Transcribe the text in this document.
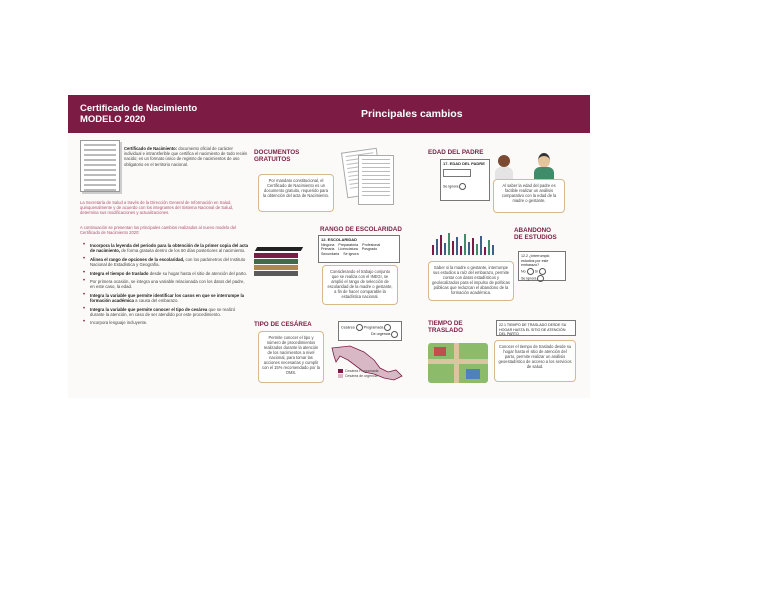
Certificado de Nacimiento
MODELO 2020	Principales cambios
Certificado de Nacimiento: documento oficial de carácter individual e intransferible que certifica el nacimiento de todo recién nacido; es un formato único de registro de nacimientos de uso obligatorio en el territorio nacional.
La Secretaría de Salud a través de la Dirección General de Información en Salud, quinquenalmente y de acuerdo con los integrantes del Sistema Nacional de Salud, determina sus modificaciones y actualizaciones.
A continuación se presentan los principales cambios realizados al nuevo modelo del Certificado de Nacimiento 2020:
• Incorpora la leyenda del periodo para la obtención de la primer copia del acta de nacimiento, de forma gratuita dentro de los 60 días posteriores al nacimiento.
• Alinea el rango de opciones de la escolaridad, con los parámetros del Instituto Nacional de Estadística y Geografía.
• Integra el tiempo de traslado desde su hogar hasta el sitio de atención del parto.
• Por primera ocasión, se integra una variable relacionada con los datos del padre, en este caso, la edad.
• Integra la variable que permite identificar los casos en que se interrumpe la formación académica a causa del embarazo.
• Integra la variable que permite conocer el tipo de cesárea que se realizó durante la atención, en caso de ser atendido por este procedimiento.
• Incorpora lenguaje incluyente.
DOCUMENTOS
GRATUITOS
Por mandato constitucional, el Certificado de Nacimiento es un documento gratuito, requerido para la obtención del acta de Nacimiento.
EDAD DEL PADRE
17. EDAD DEL PADRE
Se ignora	Al saber la edad del padre es factible realizar un análisis comparativo con la edad de la madre o gestante.
RANGO DE ESCOLARIDAD
12. ESCOLARIDAD
Ninguna Preparatoria Profesional
Primaria Licenciatura Posgrado
Secundaria Se ignora
Considerando el trabajo conjunto que se realiza con el INEGI, se amplió el rango de selección de escolaridad de la madre o gestante, a fin de hacer comparable la estadística nacional.
ABANDONO
DE ESTUDIOS
12.2 ¿Interrumpió estudios por este embarazo?
No	Sí
Se ignora
Saber si la madre o gestante, interrumpe sus estudios a raíz del embarazo, permite contar con datos estadísticos y geolocalizados para el impulso de políticas públicas que reduzcan el abandono de la formación académica.
TIPO DE CESÁREA
Permite conocer el tipo y número de procedimientos realizados durante la atención de los nacimientos a nivel nacional, para tomar las acciones necesarias y cumplir con el 15% recomendado por la OMS.
Cesárea	Programada
De urgencia
Cesárea Programada
Cesárea de urgencia
TIEMPO DE
TRASLADO
22.1 TIEMPO DE TRASLADO DESDE SU HOGAR HASTA EL SITIO DE ATENCIÓN DEL PARTO
Conocer el tiempo de traslado desde su hogar hasta el sitio de atención del parto, permite realizar un análisis geoestadístico de acceso a los servicios de salud.
